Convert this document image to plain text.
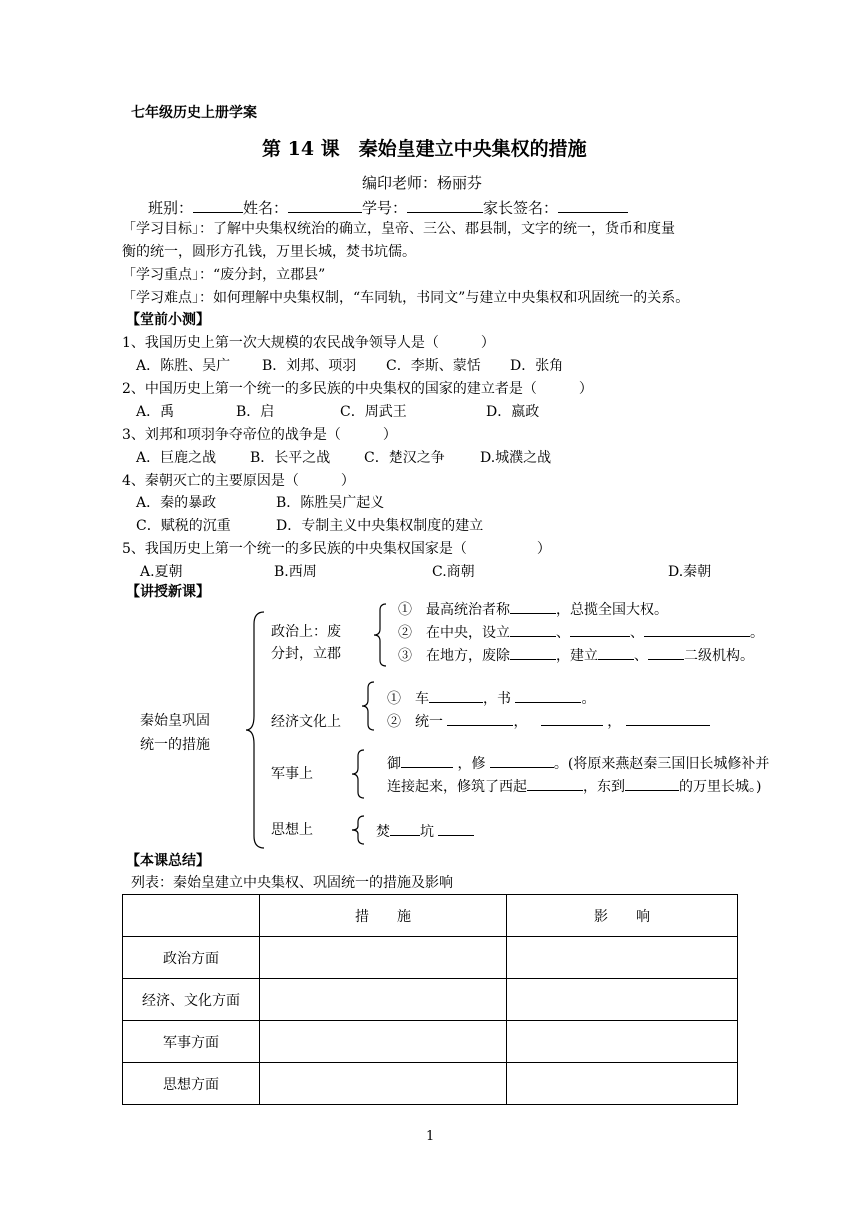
七年级历史上册学案
第 14 课　秦始皇建立中央集权的措施
编印老师：杨丽芬
班别：	姓名：	学号：	家长签名：
「学习目标」：了解中央集权统治的确立，皇帝、三公、郡县制，文字的统一，货币和度量
衡的统一，圆形方孔钱，万里长城，焚书坑儒。
「学习重点」：“废分封，立郡县”
「学习难点」：如何理解中央集权制，“车同轨，书同文”与建立中央集权和巩固统一的关系。
【堂前小测】
1、我国历史上第一次大规模的农民战争领导人是（　　　）
A．陈胜、吴广 B．刘邦、项羽 C．李斯、蒙恬 D．张角
2、中国历史上第一个统一的多民族的中央集权的国家的建立者是（　　　）
A．禹	B．启	C．周武王	D．嬴政
3、刘邦和项羽争夺帝位的战争是（　　　）
A．巨鹿之战 B．长平之战 C．楚汉之争	D.城濮之战
4、秦朝灭亡的主要原因是（　　　）
A．秦的暴政	B．陈胜吴广起义
C．赋税的沉重	D．专制主义中央集权制度的建立
5、我国历史上第一个统一的多民族的中央集权国家是（　　　　　）
A.夏朝	B.西周	C.商朝	D.秦朝
【讲授新课】
秦始皇巩固
统一的措施
政治上：废
分封，立郡
①　最高统治者称	，总揽全国大权。
②　在中央，设立	、	、	。
③　在地方，废除	，建立	、	二级机构。
经济文化上
①　车	，书	。
②　统一	，	，
军事上
御	，修	。(将原来燕赵秦三国旧长城修补并
连接起来，修筑了西起	，东到	的万里长城。)
思想上	焚 坑
【本课总结】
列表：秦始皇建立中央集权、巩固统一的措施及影响
	措　　施	影　　响
政治方面		
经济、文化方面		
军事方面		
思想方面		
1
